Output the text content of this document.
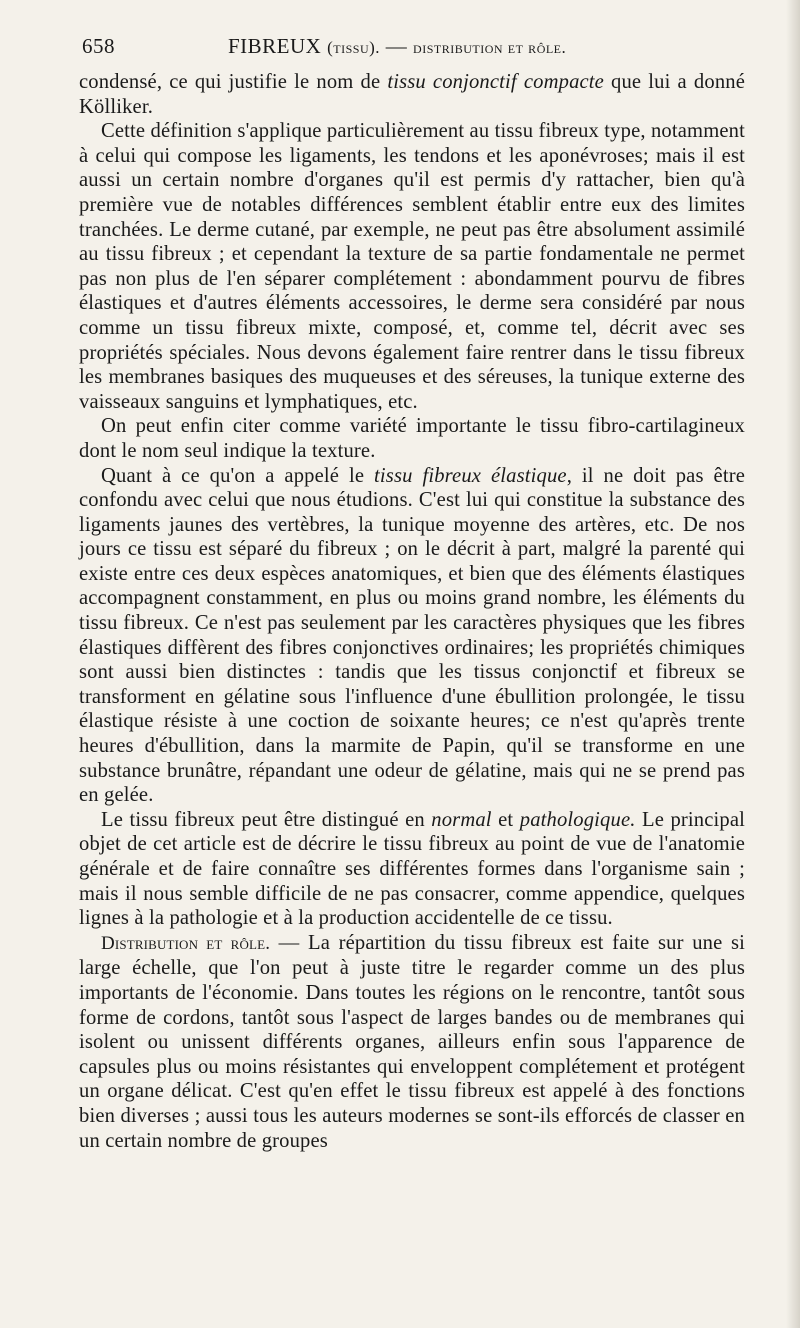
658	FIBREUX (tissu). — distribution et rôle.

condensé, ce qui justifie le nom de tissu conjonctif compacte que lui a donné Kölliker.

Cette définition s'applique particulièrement au tissu fibreux type, notamment à celui qui compose les ligaments, les tendons et les aponévroses; mais il est aussi un certain nombre d'organes qu'il est permis d'y rattacher, bien qu'à première vue de notables différences semblent établir entre eux des limites tranchées. Le derme cutané, par exemple, ne peut pas être absolument assimilé au tissu fibreux ; et cependant la texture de sa partie fondamentale ne permet pas non plus de l'en séparer complétement : abondamment pourvu de fibres élastiques et d'autres éléments accessoires, le derme sera considéré par nous comme un tissu fibreux mixte, composé, et, comme tel, décrit avec ses propriétés spéciales. Nous devons également faire rentrer dans le tissu fibreux les membranes basiques des muqueuses et des séreuses, la tunique externe des vaisseaux sanguins et lymphatiques, etc.

On peut enfin citer comme variété importante le tissu fibro-cartilagineux dont le nom seul indique la texture.

Quant à ce qu'on a appelé le tissu fibreux élastique, il ne doit pas être confondu avec celui que nous étudions. C'est lui qui constitue la substance des ligaments jaunes des vertèbres, la tunique moyenne des artères, etc. De nos jours ce tissu est séparé du fibreux ; on le décrit à part, malgré la parenté qui existe entre ces deux espèces anatomiques, et bien que des éléments élastiques accompagnent constamment, en plus ou moins grand nombre, les éléments du tissu fibreux. Ce n'est pas seulement par les caractères physiques que les fibres élastiques diffèrent des fibres conjonctives ordinaires; les propriétés chimiques sont aussi bien distinctes : tandis que les tissus conjonctif et fibreux se transforment en gélatine sous l'influence d'une ébullition prolongée, le tissu élastique résiste à une coction de soixante heures; ce n'est qu'après trente heures d'ébullition, dans la marmite de Papin, qu'il se transforme en une substance brunâtre, répandant une odeur de gélatine, mais qui ne se prend pas en gelée.

Le tissu fibreux peut être distingué en normal et pathologique. Le principal objet de cet article est de décrire le tissu fibreux au point de vue de l'anatomie générale et de faire connaître ses différentes formes dans l'organisme sain ; mais il nous semble difficile de ne pas consacrer, comme appendice, quelques lignes à la pathologie et à la production accidentelle de ce tissu.

Distribution et rôle. — La répartition du tissu fibreux est faite sur une si large échelle, que l'on peut à juste titre le regarder comme un des plus importants de l'économie. Dans toutes les régions on le rencontre, tantôt sous forme de cordons, tantôt sous l'aspect de larges bandes ou de membranes qui isolent ou unissent différents organes, ailleurs enfin sous l'apparence de capsules plus ou moins résistantes qui enveloppent complétement et protégent un organe délicat. C'est qu'en effet le tissu fibreux est appelé à des fonctions bien diverses ; aussi tous les auteurs modernes se sont-ils efforcés de classer en un certain nombre de groupes
